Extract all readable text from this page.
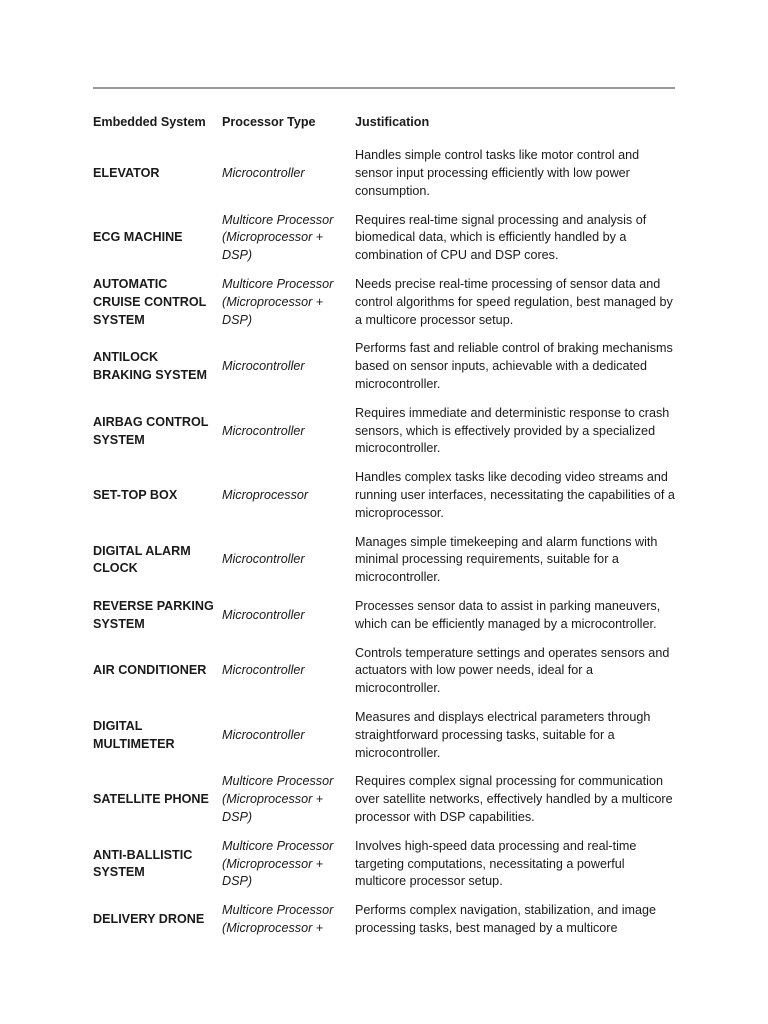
Embedded System	Processor Type	Justification
ELEVATOR	Microcontroller	Handles simple control tasks like motor control and sensor input processing efficiently with low power consumption.
ECG MACHINE	Multicore Processor (Microprocessor + DSP)	Requires real-time signal processing and analysis of biomedical data, which is efficiently handled by a combination of CPU and DSP cores.
AUTOMATIC CRUISE CONTROL SYSTEM	Multicore Processor (Microprocessor + DSP)	Needs precise real-time processing of sensor data and control algorithms for speed regulation, best managed by a multicore processor setup.
ANTILOCK BRAKING SYSTEM	Microcontroller	Performs fast and reliable control of braking mechanisms based on sensor inputs, achievable with a dedicated microcontroller.
AIRBAG CONTROL SYSTEM	Microcontroller	Requires immediate and deterministic response to crash sensors, which is effectively provided by a specialized microcontroller.
SET-TOP BOX	Microprocessor	Handles complex tasks like decoding video streams and running user interfaces, necessitating the capabilities of a microprocessor.
DIGITAL ALARM CLOCK	Microcontroller	Manages simple timekeeping and alarm functions with minimal processing requirements, suitable for a microcontroller.
REVERSE PARKING SYSTEM	Microcontroller	Processes sensor data to assist in parking maneuvers, which can be efficiently managed by a microcontroller.
AIR CONDITIONER	Microcontroller	Controls temperature settings and operates sensors and actuators with low power needs, ideal for a microcontroller.
DIGITAL MULTIMETER	Microcontroller	Measures and displays electrical parameters through straightforward processing tasks, suitable for a microcontroller.
SATELLITE PHONE	Multicore Processor (Microprocessor + DSP)	Requires complex signal processing for communication over satellite networks, effectively handled by a multicore processor with DSP capabilities.
ANTI-BALLISTIC SYSTEM	Multicore Processor (Microprocessor + DSP)	Involves high-speed data processing and real-time targeting computations, necessitating a powerful multicore processor setup.
DELIVERY DRONE	Multicore Processor (Microprocessor +	Performs complex navigation, stabilization, and image processing tasks, best managed by a multicore
